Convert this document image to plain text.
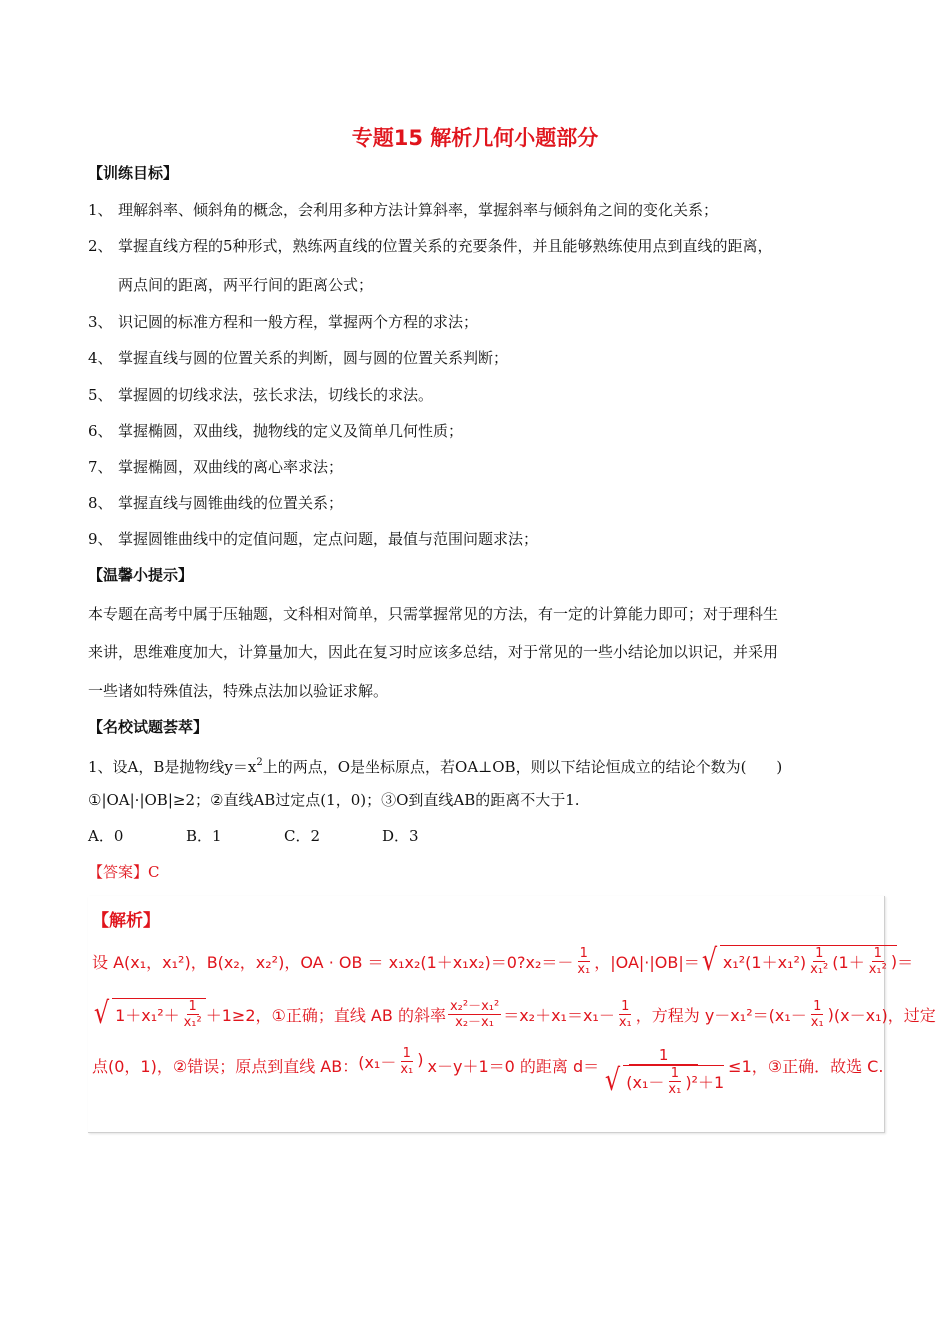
专题15 解析几何小题部分
【训练目标】
1、 理解斜率、倾斜角的概念，会利用多种方法计算斜率，掌握斜率与倾斜角之间的变化关系；
2、 掌握直线方程的5种形式，熟练两直线的位置关系的充要条件，并且能够熟练使用点到直线的距离，
两点间的距离，两平行间的距离公式；
3、 识记圆的标准方程和一般方程，掌握两个方程的求法；
4、 掌握直线与圆的位置关系的判断，圆与圆的位置关系判断；
5、 掌握圆的切线求法，弦长求法，切线长的求法。
6、 掌握椭圆，双曲线，抛物线的定义及简单几何性质；
7、 掌握椭圆，双曲线的离心率求法；
8、 掌握直线与圆锥曲线的位置关系；
9、 掌握圆锥曲线中的定值问题，定点问题，最值与范围问题求法；
【温馨小提示】
本专题在高考中属于压轴题，文科相对简单，只需掌握常见的方法，有一定的计算能力即可；对于理科生
来讲，思维难度加大，计算量加大，因此在复习时应该多总结，对于常见的一些小结论加以识记，并采用
一些诸如特殊值法，特殊点法加以验证求解。
【名校试题荟萃】
1、设A，B是抛物线$y=x^2$上的两点，O是坐标原点，若OA⊥OB，则以下结论恒成立的结论个数为(　　)
①|OA|·|OB|≥2；②直线AB过定点(1，0)；③O到直线AB的距离不大于1.
A．0	B．1	C．2	D．3
【答案】C
【解析】
设 A(x₁，x₁²)，B(x₂，x₂²)， OA · OB ＝ x₁x₂(1＋x₁x₂)＝0?x₂＝－ $\frac{1}{\text{x₁}}$ ，|OA|·|OB|＝ √ $x_1^2(1+x_1^2) \frac{1}{\text{x₁²}} (1+ \frac{1}{\text{x₁²}}$ ) ＝
√ $1+x_1^2+ \frac{1}{\text{x₁²}} +1\ge 2$，①正确；直线 AB 的斜率 $\frac{\text{x₂²－x₁²}}{\text{x₂－x₁}} =x_2+x_1=x_1- \frac{1}{\text{x₁}}$ ，方程为 $y-x_1^2= (x_1- \frac{1}{\text{x₁}}$ ) (x－x₁)，过定
点(0，1)，②错误；原点到直线 AB： ($x_1- \frac{1}{\text{x₁}}$ ) x－y＋1＝0 的距离 $d= \frac{1}{√ (x_1- \frac{1}{\text{x₁}} )^2+1} \le 1$，③正确．故选 C.
